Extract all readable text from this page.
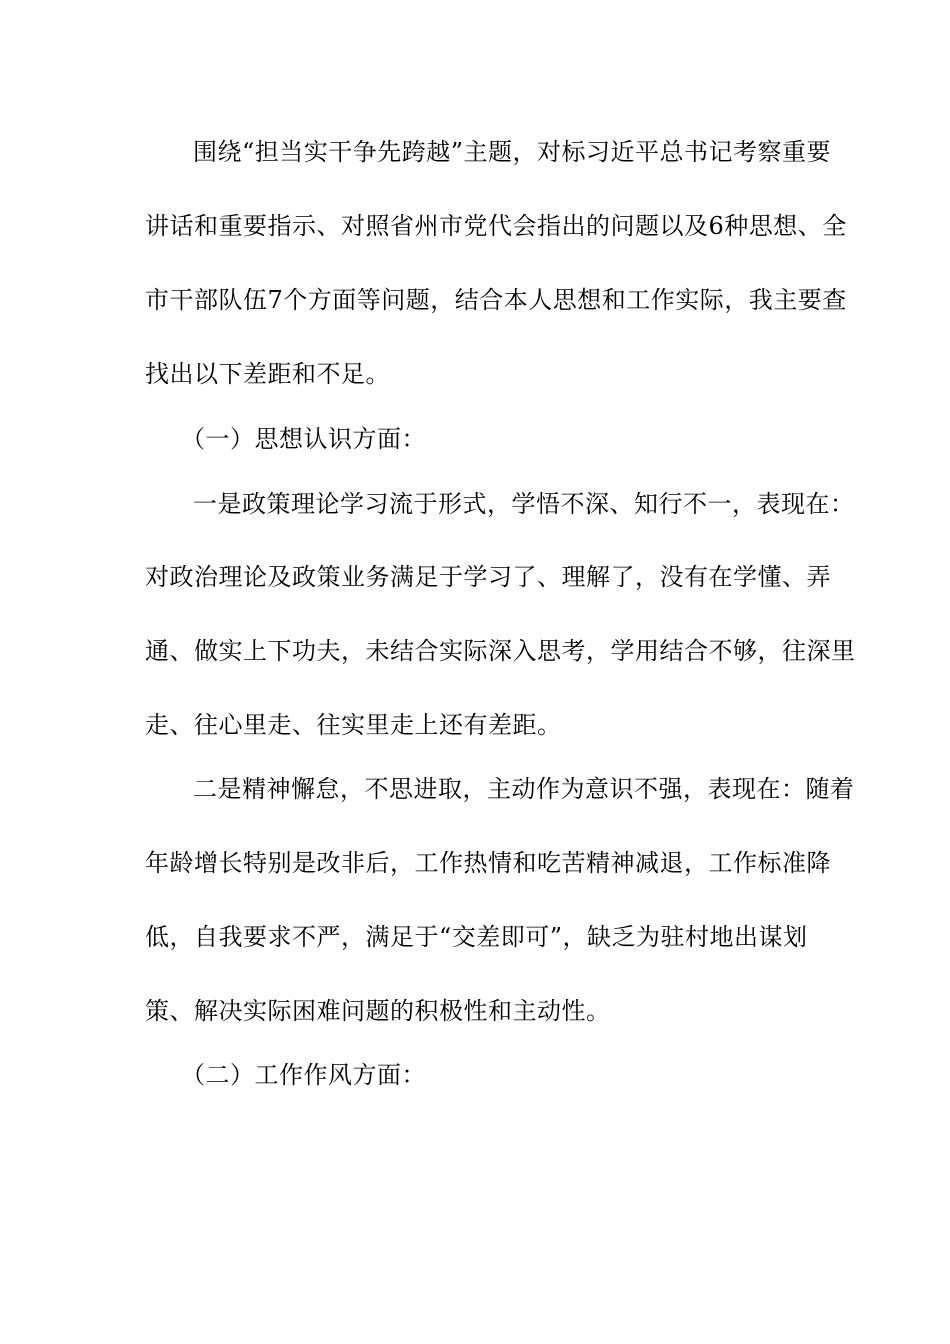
围绕“担当实干争先跨越”主题，对标习近平总书记考察重要
讲话和重要指示、对照省州市党代会指出的问题以及6种思想、全
市干部队伍7个方面等问题，结合本人思想和工作实际，我主要查
找出以下差距和不足。
（一）思想认识方面：
一是政策理论学习流于形式，学悟不深、知行不一，表现在：
对政治理论及政策业务满足于学习了、理解了，没有在学懂、弄
通、做实上下功夫，未结合实际深入思考，学用结合不够，往深里
走、往心里走、往实里走上还有差距。
二是精神懈怠，不思进取，主动作为意识不强，表现在：随着
年龄增长特别是改非后，工作热情和吃苦精神减退，工作标准降
低，自我要求不严，满足于“交差即可”，缺乏为驻村地出谋划
策、解决实际困难问题的积极性和主动性。
（二）工作作风方面：
